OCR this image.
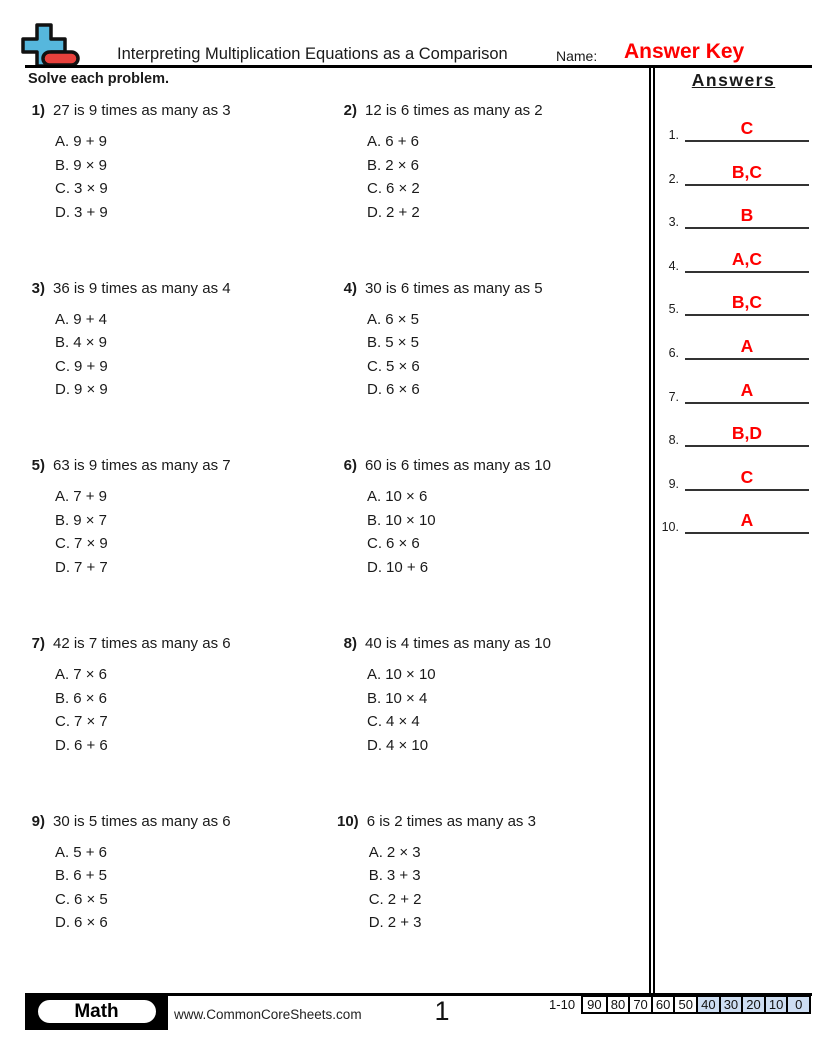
Interpreting Multiplication Equations as a Comparison	Name: Answer Key
Solve each problem.
1) 27 is 9 times as many as 3
A. 9 + 9
B. 9 × 9
C. 3 × 9
D. 3 + 9
2) 12 is 6 times as many as 2
A. 6 + 6
B. 2 × 6
C. 6 × 2
D. 2 + 2
3) 36 is 9 times as many as 4
A. 9 + 4
B. 4 × 9
C. 9 + 9
D. 9 × 9
4) 30 is 6 times as many as 5
A. 6 × 5
B. 5 × 5
C. 5 × 6
D. 6 × 6
5) 63 is 9 times as many as 7
A. 7 + 9
B. 9 × 7
C. 7 × 9
D. 7 + 7
6) 60 is 6 times as many as 10
A. 10 × 6
B. 10 × 10
C. 6 × 6
D. 10 + 6
7) 42 is 7 times as many as 6
A. 7 × 6
B. 6 × 6
C. 7 × 7
D. 6 + 6
8) 40 is 4 times as many as 10
A. 10 × 10
B. 10 × 4
C. 4 × 4
D. 4 × 10
9) 30 is 5 times as many as 6
A. 5 + 6
B. 6 + 5
C. 6 × 5
D. 6 × 6
10) 6 is 2 times as many as 3
A. 2 × 3
B. 3 + 3
C. 2 + 2
D. 2 + 3
Answers
1.	C
2.	B,C
3.	B
4.	A,C
5.	B,C
6.	A
7.	A
8.	B,D
9.	C
10.	A
Math	www.CommonCoreSheets.com	1	1-10 90 80 70 60 50 40 30 20 10 0
